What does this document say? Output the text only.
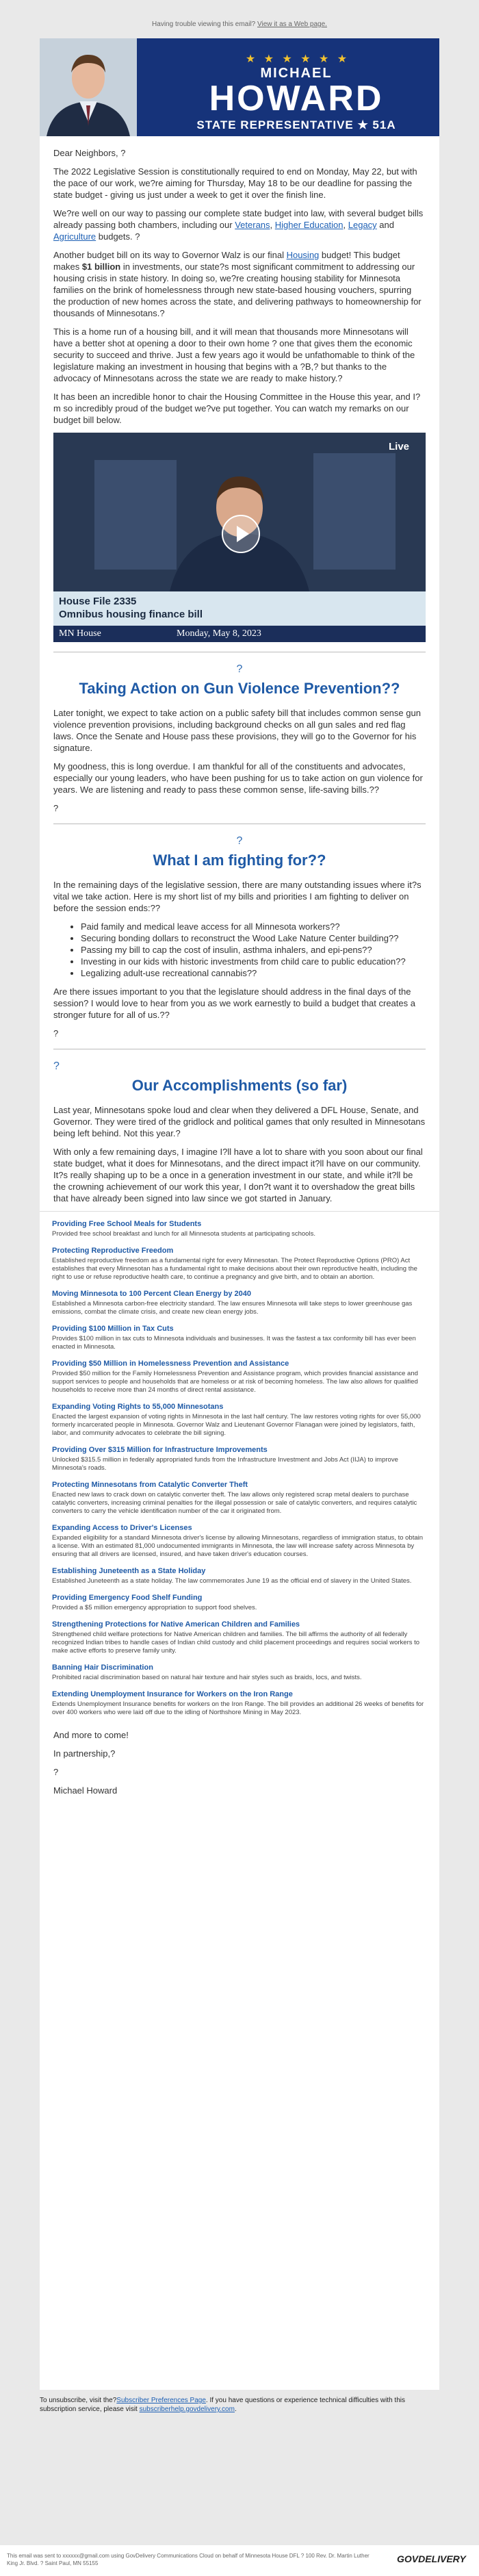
Having trouble viewing this email? View it as a Web page.
★ ★ ★ ★ ★ ★
MICHAEL
HOWARD
STATE REPRESENTATIVE ★ 51A

Dear Neighbors, ?

The 2022 Legislative Session is constitutionally required to end on Monday, May 22, but with the pace of our work, we?re aiming for Thursday, May 18 to be our deadline for passing the state budget - giving us just under a week to get it over the finish line.

We?re well on our way to passing our complete state budget into law, with several budget bills already passing both chambers, including our Veterans, Higher Education, Legacy and Agriculture budgets. ?

Another budget bill on its way to Governor Walz is our final Housing budget! This budget makes $1 billion in investments, our state?s most significant commitment to addressing our housing crisis in state history. In doing so, we?re creating housing stability for Minnesota families on the brink of homelessness through new state-based housing vouchers, spurring the production of new homes across the state, and delivering pathways to homeownership for thousands of Minnesotans.?

This is a home run of a housing bill, and it will mean that thousands more Minnesotans will have a better shot at opening a door to their own home ? one that gives them the economic security to succeed and thrive. Just a few years ago it would be unfathomable to think of the legislature making an investment in housing that begins with a ?B,? but thanks to the advocacy of Minnesotans across the state we are ready to make history.?

It has been an incredible honor to chair the Housing Committee in the House this year, and I?m so incredibly proud of the budget we?ve put together. You can watch my remarks on our budget bill below.

Live
House File 2335
Omnibus housing finance bill
MN House	Monday, May 8, 2023
?
Taking Action on Gun Violence Prevention??

Later tonight, we expect to take action on a public safety bill that includes common sense gun violence prevention provisions, including background checks on all gun sales and red flag laws. Once the Senate and House pass these provisions, they will go to the Governor for his signature.

My goodness, this is long overdue. I am thankful for all of the constituents and advocates, especially our young leaders, who have been pushing for us to take action on gun violence for years. We are listening and ready to pass these common sense, life-saving bills.??

?

?
What I am fighting for??

In the remaining days of the legislative session, there are many outstanding issues where it?s vital we take action. Here is my short list of my bills and priorities I am fighting to deliver on before the session ends:??

• Paid family and medical leave access for all Minnesota workers??
• Securing bonding dollars to reconstruct the Wood Lake Nature Center building??
• Passing my bill to cap the cost of insulin, asthma inhalers, and epi-pens??
• Investing in our kids with historic investments from child care to public education??
• Legalizing adult-use recreational cannabis??

Are there issues important to you that the legislature should address in the final days of the session? I would love to hear from you as we work earnestly to build a budget that creates a stronger future for all of us.??

?

?
Our Accomplishments (so far)

Last year, Minnesotans spoke loud and clear when they delivered a DFL House, Senate, and Governor. They were tired of the gridlock and political games that only resulted in Minnesotans being left behind. Not this year.?

With only a few remaining days, I imagine I?ll have a lot to share with you soon about our final state budget, what it does for Minnesotans, and the direct impact it?ll have on our community. It?s really shaping up to be a once in a generation investment in our state, and while it?ll be the crowning achievement of our work this year, I don?t want it to overshadow the great bills that have already been signed into law since we got started in January.

Providing Free School Meals for Students
Provided free school breakfast and lunch for all Minnesota students at participating schools.
Protecting Reproductive Freedom
Established reproductive freedom as a fundamental right for every Minnesotan. The Protect Reproductive Options (PRO) Act establishes that every Minnesotan has a fundamental right to make decisions about their own reproductive health, including the right to use or refuse reproductive health care, to continue a pregnancy and give birth, and to obtain an abortion.
Moving Minnesota to 100 Percent Clean Energy by 2040
Established a Minnesota carbon-free electricity standard. The law ensures Minnesota will take steps to lower greenhouse gas emissions, combat the climate crisis, and create new clean energy jobs.
Providing $100 Million in Tax Cuts
Provides $100 million in tax cuts to Minnesota individuals and businesses. It was the fastest a tax conformity bill has ever been enacted in Minnesota.
Providing $50 Million in Homelessness Prevention and Assistance
Provided $50 million for the Family Homelessness Prevention and Assistance program, which provides financial assistance and support services to people and households that are homeless or at risk of becoming homeless. The law also allows for qualified households to receive more than 24 months of direct rental assistance.
Expanding Voting Rights to 55,000 Minnesotans
Enacted the largest expansion of voting rights in Minnesota in the last half century. The law restores voting rights for over 55,000 formerly incarcerated people in Minnesota. Governor Walz and Lieutenant Governor Flanagan were joined by legislators, faith, labor, and community advocates to celebrate the bill signing.
Providing Over $315 Million for Infrastructure Improvements
Unlocked $315.5 million in federally appropriated funds from the Infrastructure Investment and Jobs Act (IIJA) to improve Minnesota's roads.
Protecting Minnesotans from Catalytic Converter Theft
Enacted new laws to crack down on catalytic converter theft. The law allows only registered scrap metal dealers to purchase catalytic converters, increasing criminal penalties for the illegal possession or sale of catalytic converters, and requires catalytic converters to carry the vehicle identification number of the car it originated from.
Expanding Access to Driver's Licenses
Expanded eligibility for a standard Minnesota driver's license by allowing Minnesotans, regardless of immigration status, to obtain a license. With an estimated 81,000 undocumented immigrants in Minnesota, the law will increase safety across Minnesota by ensuring that all drivers are licensed, insured, and have taken driver's education courses.
Establishing Juneteenth as a State Holiday
Established Juneteenth as a state holiday. The law commemorates June 19 as the official end of slavery in the United States.
Providing Emergency Food Shelf Funding
Provided a $5 million emergency appropriation to support food shelves.
Strengthening Protections for Native American Children and Families
Strengthened child welfare protections for Native American children and families. The bill affirms the authority of all federally recognized Indian tribes to handle cases of Indian child custody and child placement proceedings and requires social workers to make active efforts to preserve family unity.
Banning Hair Discrimination
Prohibited racial discrimination based on natural hair texture and hair styles such as braids, locs, and twists.
Extending Unemployment Insurance for Workers on the Iron Range
Extends Unemployment Insurance benefits for workers on the Iron Range. The bill provides an additional 26 weeks of benefits for over 400 workers who were laid off due to the idling of Northshore Mining in May 2023.

And more to come!

In partnership,?

?

Michael Howard

To unsubscribe, visit the?Subscriber Preferences Page. If you have questions or experience technical difficulties with this subscription service, please visit subscriberhelp.govdelivery.com.
This email was sent to xxxxxx@gmail.com using GovDelivery Communications Cloud on behalf of Minnesota House DFL ? 100 Rev. Dr. Martin Luther King Jr. Blvd. ? Saint Paul, MN 55155	GOVDELIVERY
